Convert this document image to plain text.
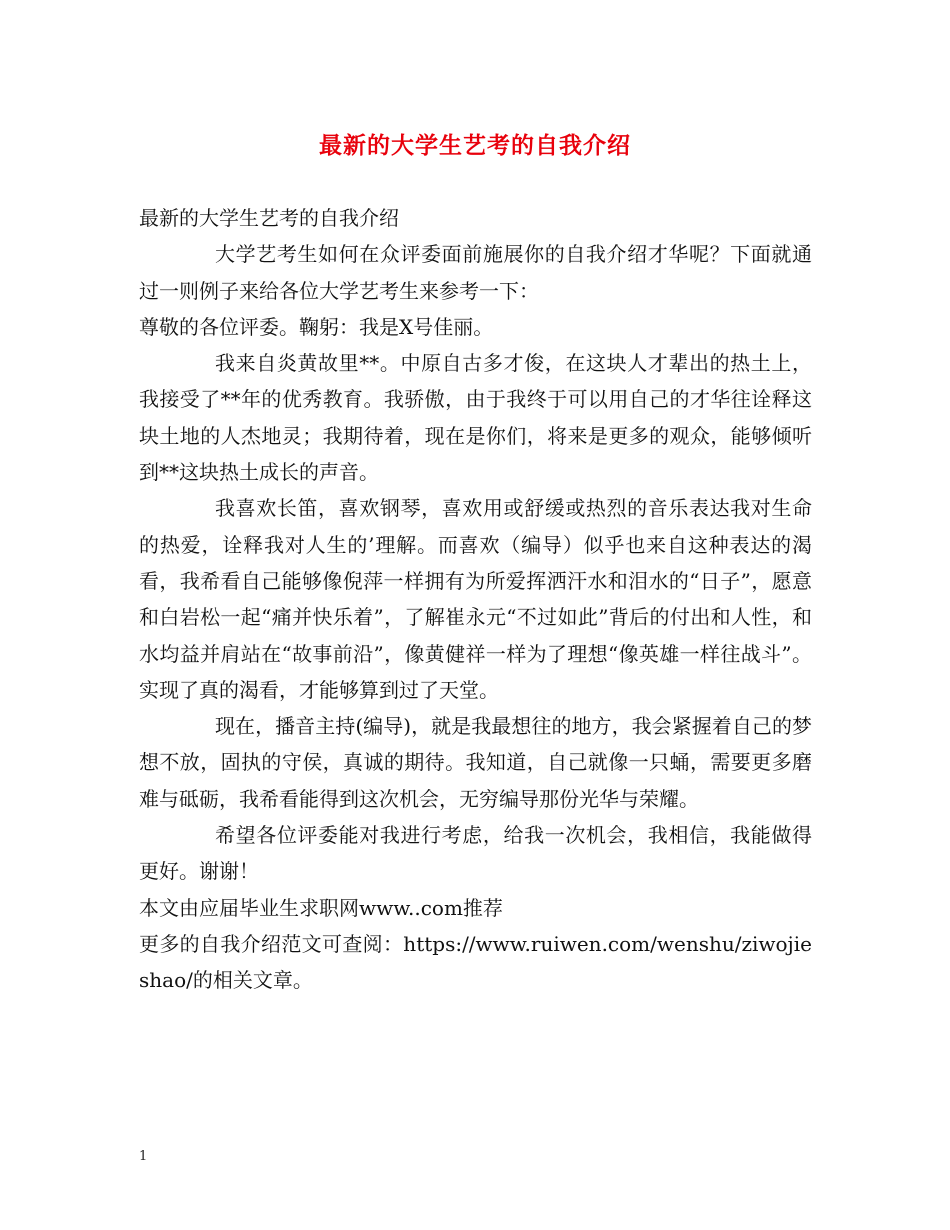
最新的大学生艺考的自我介绍

最新的大学生艺考的自我介绍

大学艺考生如何在众评委面前施展你的自我介绍才华呢？下面就通过一则例子来给各位大学艺考生来参考一下：

尊敬的各位评委。鞠躬：我是X号佳丽。

我来自炎黄故里**。中原自古多才俊，在这块人才辈出的热土上，我接受了**年的优秀教育。我骄傲，由于我终于可以用自己的才华往诠释这块土地的人杰地灵；我期待着，现在是你们，将来是更多的观众，能够倾听到**这块热土成长的声音。

我喜欢长笛，喜欢钢琴，喜欢用或舒缓或热烈的音乐表达我对生命的热爱，诠释我对人生的’理解。而喜欢（编导）似乎也来自这种表达的渴看，我希看自己能够像倪萍一样拥有为所爱挥洒汗水和泪水的“日子”，愿意和白岩松一起“痛并快乐着”，了解崔永元“不过如此”背后的付出和人性，和水均益并肩站在“故事前沿”，像黄健祥一样为了理想“像英雄一样往战斗”。实现了真的渴看，才能够算到过了天堂。

现在，播音主持(编导)，就是我最想往的地方，我会紧握着自己的梦想不放，固执的守侯，真诚的期待。我知道，自己就像一只蛹，需要更多磨难与砥砺，我希看能得到这次机会，无穷编导那份光华与荣耀。

希望各位评委能对我进行考虑，给我一次机会，我相信，我能做得更好。谢谢！

本文由应届毕业生求职网www..com推荐

更多的自我介绍范文可查阅：https://www.ruiwen.com/wenshu/ziwojieshao/的相关文章。

1
